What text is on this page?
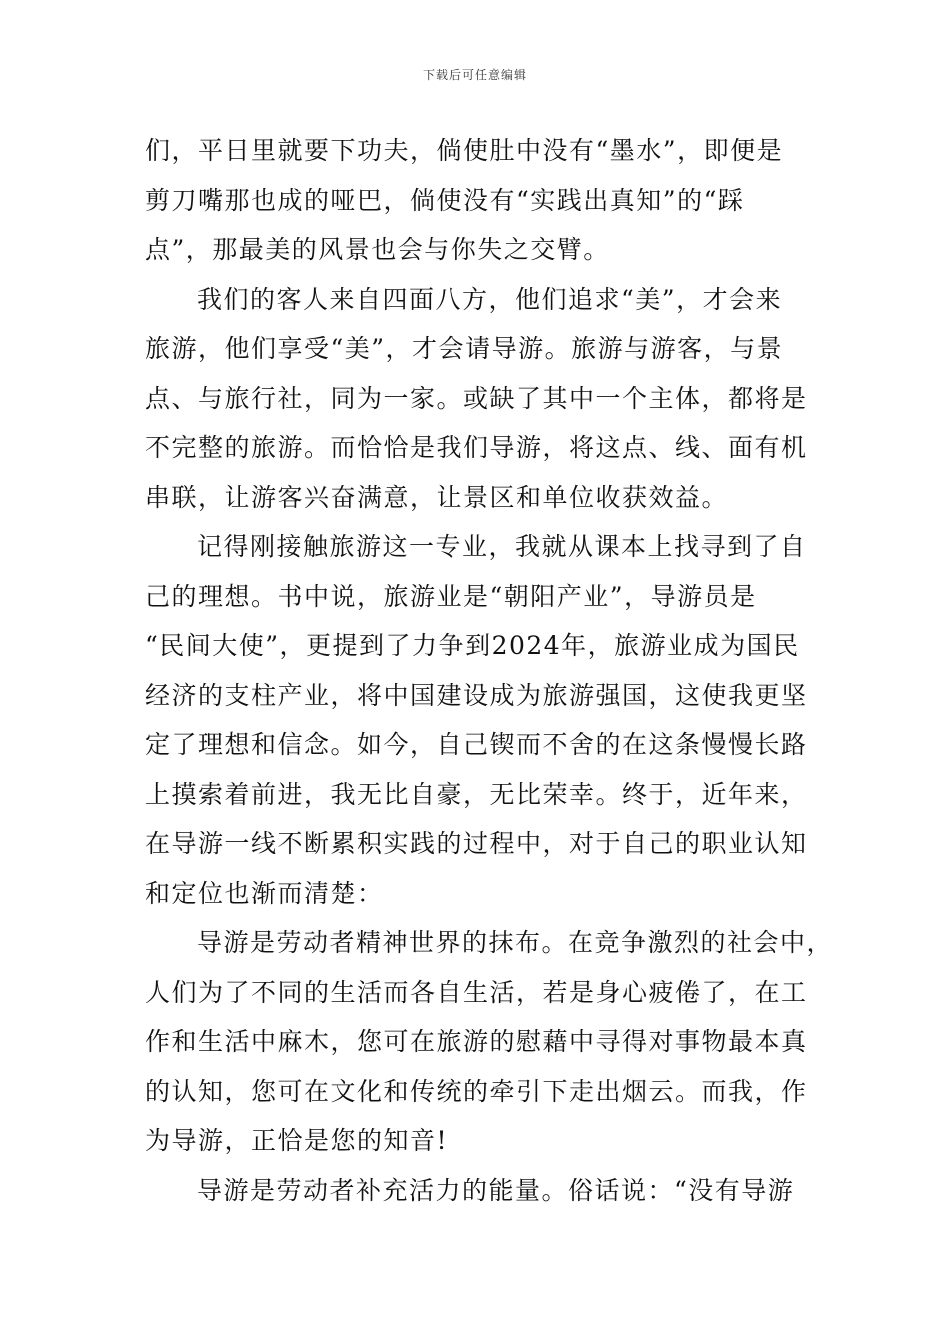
下载后可任意编辑
们，平日里就要下功夫，倘使肚中没有“墨水”，即便是
剪刀嘴那也成的哑巴，倘使没有“实践出真知”的“踩
点”，那最美的风景也会与你失之交臂。
我们的客人来自四面八方，他们追求“美”，才会来
旅游，他们享受“美”，才会请导游。旅游与游客，与景
点、与旅行社，同为一家。或缺了其中一个主体，都将是
不完整的旅游。而恰恰是我们导游，将这点、线、面有机
串联，让游客兴奋满意，让景区和单位收获效益。
记得刚接触旅游这一专业，我就从课本上找寻到了自
己的理想。书中说，旅游业是“朝阳产业”，导游员是
“民间大使”，更提到了力争到2024年，旅游业成为国民
经济的支柱产业，将中国建设成为旅游强国，这使我更坚
定了理想和信念。如今，自己锲而不舍的在这条慢慢长路
上摸索着前进，我无比自豪，无比荣幸。终于，近年来，
在导游一线不断累积实践的过程中，对于自己的职业认知
和定位也渐而清楚：
导游是劳动者精神世界的抹布。在竞争激烈的社会中，
人们为了不同的生活而各自生活，若是身心疲倦了，在工
作和生活中麻木，您可在旅游的慰藉中寻得对事物最本真
的认知，您可在文化和传统的牵引下走出烟云。而我，作
为导游，正恰是您的知音!
导游是劳动者补充活力的能量。俗话说：“没有导游
